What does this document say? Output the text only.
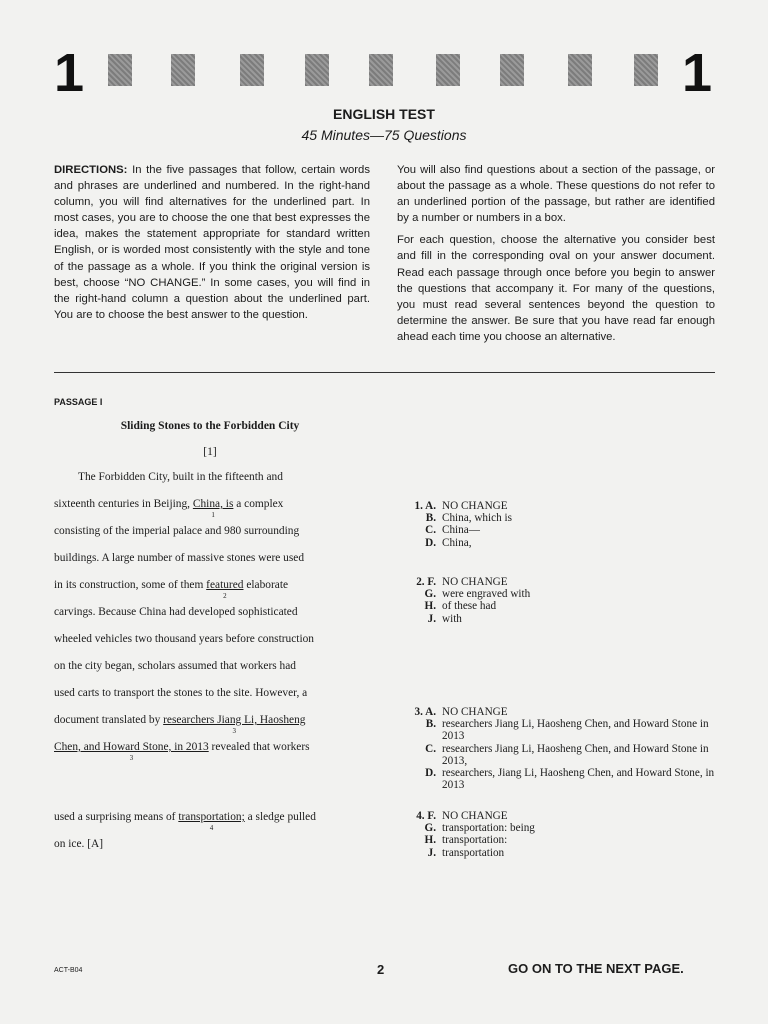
1	1
ENGLISH TEST
45 Minutes—75 Questions

DIRECTIONS: In the five passages that follow, certain words and phrases are underlined and numbered. In the right-hand column, you will find alternatives for the underlined part. In most cases, you are to choose the one that best expresses the idea, makes the statement appropriate for standard written English, or is worded most consistently with the style and tone of the passage as a whole. If you think the original version is best, choose “NO CHANGE.” In some cases, you will find in the right-hand column a question about the underlined part. You are to choose the best answer to the question.

You will also find questions about a section of the passage, or about the passage as a whole. These questions do not refer to an underlined portion of the passage, but rather are identified by a number or numbers in a box.

For each question, choose the alternative you consider best and fill in the corresponding oval on your answer document. Read each passage through once before you begin to answer the questions that accompany it. For many of the questions, you must read several sentences beyond the question to determine the answer. Be sure that you have read far enough ahead each time you choose an alternative.

PASSAGE I
Sliding Stones to the Forbidden City
[1]
The Forbidden City, built in the fifteenth and
sixteenth centuries in Beijing, China, is
1
a complex
consisting of the imperial palace and 980 surrounding
buildings. A large number of massive stones were used
in its construction, some of them featured
2
elaborate
carvings. Because China had developed sophisticated
wheeled vehicles two thousand years before construction
on the city began, scholars assumed that workers had
used carts to transport the stones to the site. However, a
document translated by researchers Jiang Li, Haosheng
3
Chen, and Howard Stone, in 2013
3
revealed that workers
used a surprising means of transportation;
4
a sledge pulled
on ice. [A]
1. A. NO CHANGE
B. China, which is
C. China—
D. China,
2. F. NO CHANGE
G. were engraved with
H. of these had
J. with
3. A. NO CHANGE
B. researchers Jiang Li, Haosheng Chen, and Howard Stone in 2013
C. researchers Jiang Li, Haosheng Chen, and Howard Stone in 2013,
D. researchers, Jiang Li, Haosheng Chen, and Howard Stone, in 2013
4. F. NO CHANGE
G. transportation: being
H. transportation:
J. transportation
ACT-B04	2	GO ON TO THE NEXT PAGE.
